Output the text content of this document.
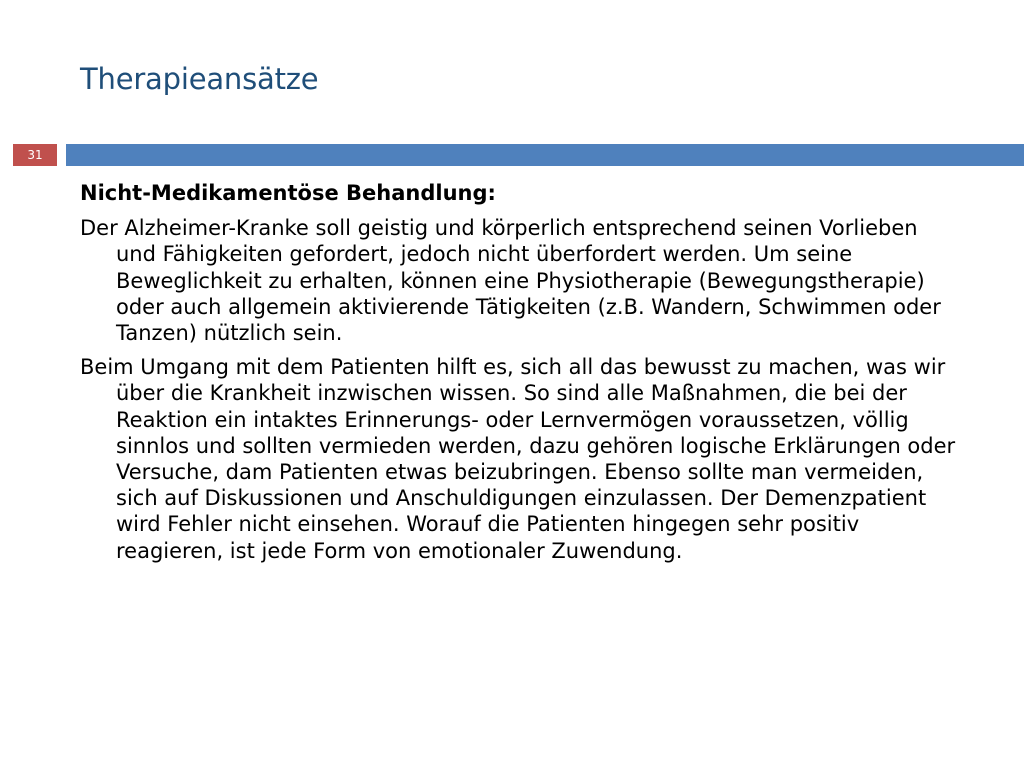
Therapieansätze
31

Nicht-Medikamentöse Behandlung:

Der Alzheimer-Kranke soll geistig und körperlich entsprechend seinen Vorlieben und Fähigkeiten gefordert, jedoch nicht überfordert werden. Um seine Beweglichkeit zu erhalten, können eine Physiotherapie (Bewegungstherapie) oder auch allgemein aktivierende Tätigkeiten (z.B. Wandern, Schwimmen oder Tanzen) nützlich sein.

Beim Umgang mit dem Patienten hilft es, sich all das bewusst zu machen, was wir über die Krankheit inzwischen wissen. So sind alle Maßnahmen, die bei der Reaktion ein intaktes Erinnerungs- oder Lernvermögen voraussetzen, völlig sinnlos und sollten vermieden werden, dazu gehören logische Erklärungen oder Versuche, dam Patienten etwas beizubringen. Ebenso sollte man vermeiden, sich auf Diskussionen und Anschuldigungen einzulassen. Der Demenzpatient wird Fehler nicht einsehen. Worauf die Patienten hingegen sehr positiv reagieren, ist jede Form von emotionaler Zuwendung.
